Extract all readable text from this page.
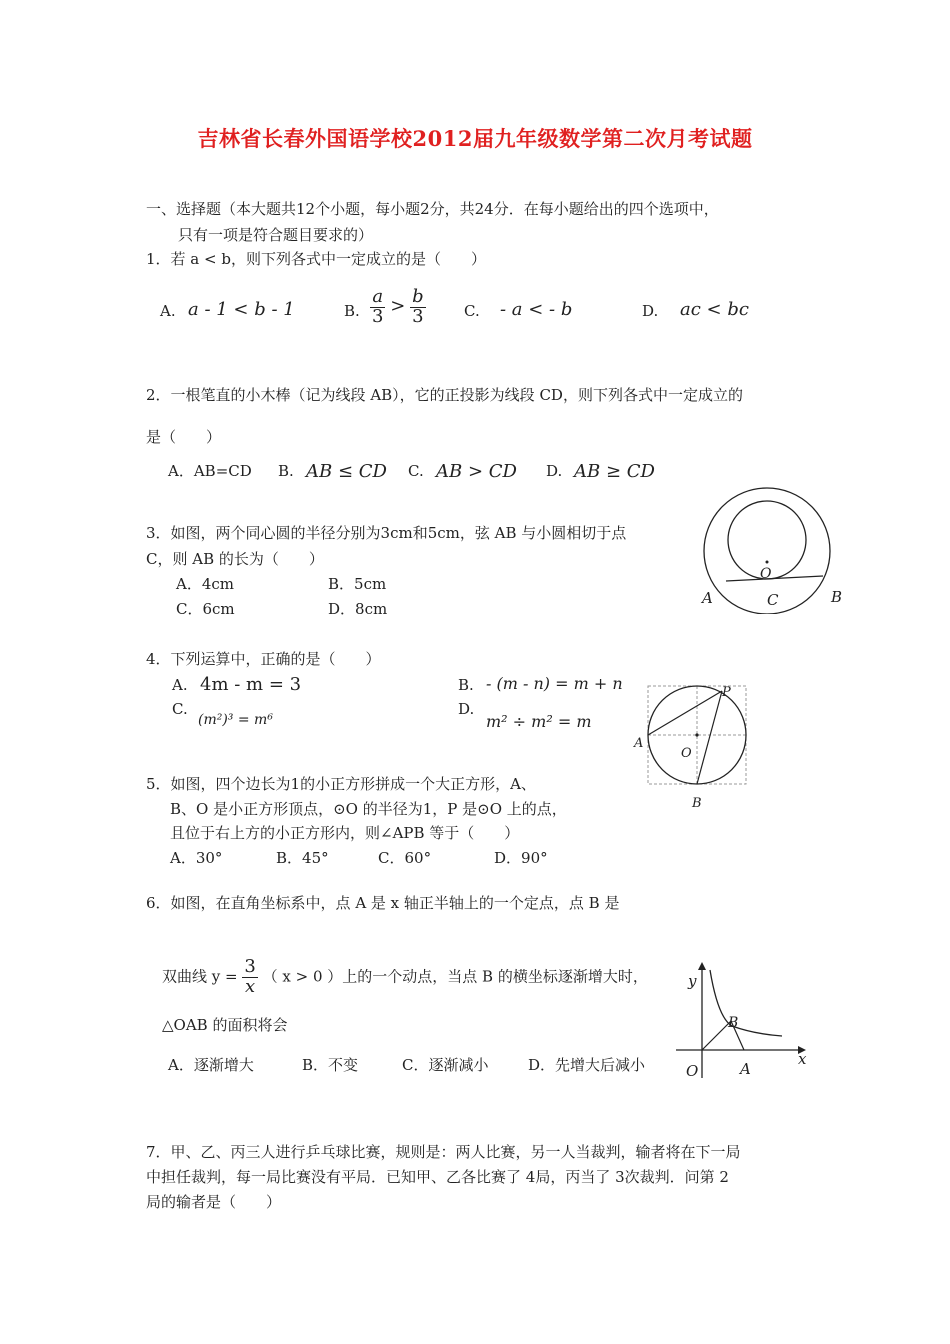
吉林省长春外国语学校2012届九年级数学第二次月考试题
一、选择题（本大题共12个小题，每小题2分，共24分．在每小题给出的四个选项中，
只有一项是符合题目要求的）
1．若 a < b，则下列各式中一定成立的是（　　）
A. a - 1 < b - 1	B. $\frac{a}{3} > \frac{b}{3}$	C. - a < - b	D. ac < bc
2．一根笔直的小木棒（记为线段 AB），它的正投影为线段 CD，则下列各式中一定成立的
是（　　）
A．AB=CD B. AB ≤ CD C. AB > CD D. AB ≥ CD
3．如图，两个同心圆的半径分别为3cm和5cm，弦 AB 与小圆相切于点
C，则 AB 的长为（　　）
A．4cm	B．5cm
C．6cm	D．8cm
O
A	C	B
4．下列运算中，正确的是（　　）
A. 4m - m = 3	B. - (m - n) = m + n
C.
(m²)³ = m⁶
D.
m² ÷ m² = m
5．如图，四个边长为1的小正方形拼成一个大正方形，A、
B、O 是小正方形顶点，⊙O 的半径为1，P 是⊙O 上的点，
且位于右上方的小正方形内，则∠APB 等于（　　）
A．30°	B．45°	C．60°	D．90°
P
A
O
B
6．如图，在直角坐标系中，点 A 是 x 轴正半轴上的一个定点，点 B 是
双曲线 $y = \frac{3}{x}$ （ x > 0 ）上的一个动点，当点 B 的横坐标逐渐增大时，
△OAB 的面积将会
A．逐渐增大	B．不变	C．逐渐减小	D．先增大后减小
y
x
B
O	A
7．甲、乙、丙三人进行乒乓球比赛，规则是：两人比赛，另一人当裁判，输者将在下一局
中担任裁判，每一局比赛没有平局．已知甲、乙各比赛了 4局，丙当了 3次裁判．问第 2
局的输者是（　　）
